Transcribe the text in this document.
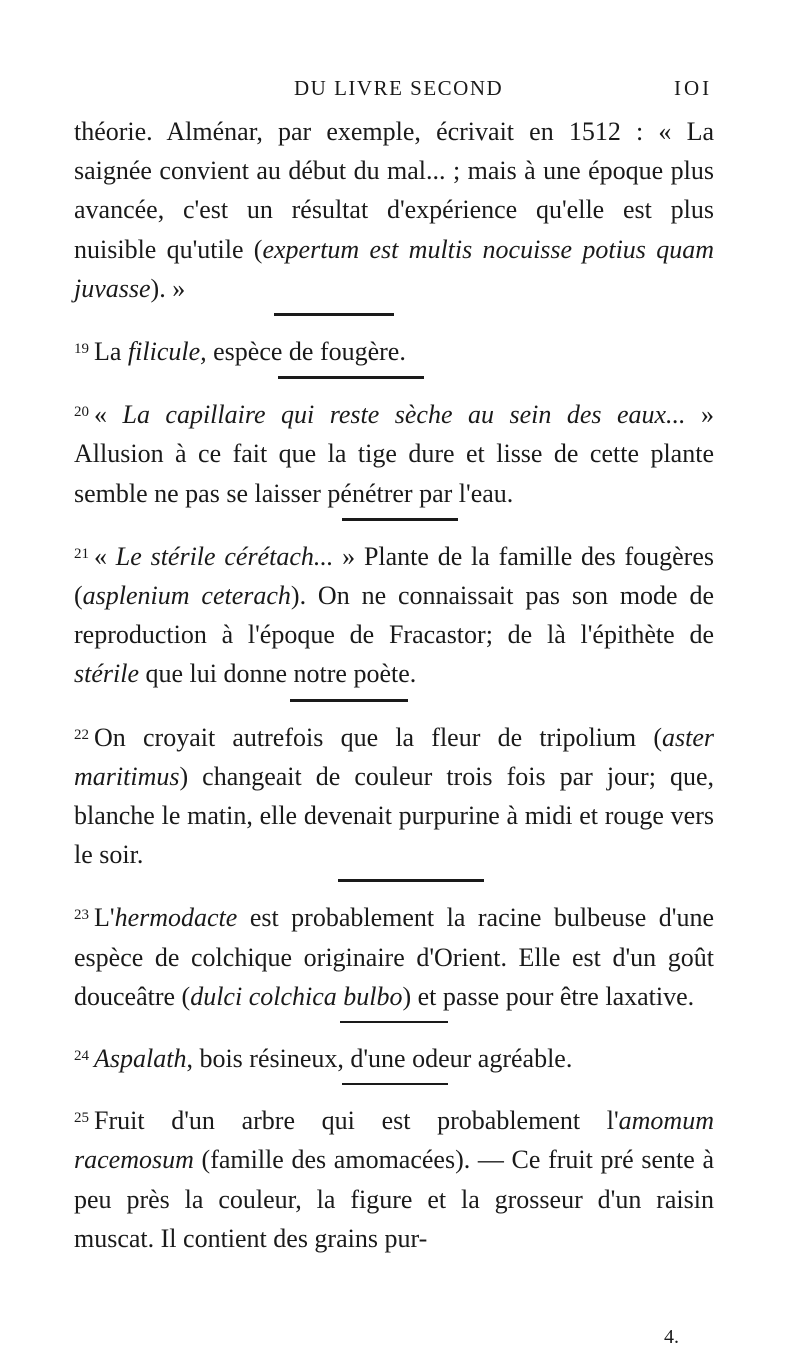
DU LIVRE SECOND	IOI

théorie. Alménar, par exemple, écrivait en 1512 : « La saignée convient au début du mal... ; mais à une époque plus avancée, c'est un résultat d'expérience qu'elle est plus nuisible qu'utile (expertum est multis nocuisse potius quam juvasse). »

$^{19}$ La filicule, espèce de fougère.

$^{20}$ « La capillaire qui reste sèche au sein des eaux... » Allusion à ce fait que la tige dure et lisse de cette plante semble ne pas se laisser pénétrer par l'eau.

$^{21}$ « Le stérile cérétach... » Plante de la famille des fougères (asplenium ceterach). On ne connaissait pas son mode de reproduction à l'époque de Fracastor; de là l'épithète de stérile que lui donne notre poète.

$^{22}$ On croyait autrefois que la fleur de tripolium (aster maritimus) changeait de couleur trois fois par jour; que, blanche le matin, elle devenait purpurine à midi et rouge vers le soir.

$^{23}$ L'hermodacte est probablement la racine bulbeuse d'une espèce de colchique originaire d'Orient. Elle est d'un goût douceâtre (dulci colchica bulbo) et passe pour être laxative.

$^{24}$ Aspalath, bois résineux, d'une odeur agréable.

$^{25}$ Fruit d'un arbre qui est probablement l'amomum racemosum (famille des amomacées). — Ce fruit pré sente à peu près la couleur, la figure et la grosseur d'un raisin muscat. Il contient des grains pur-

4.
